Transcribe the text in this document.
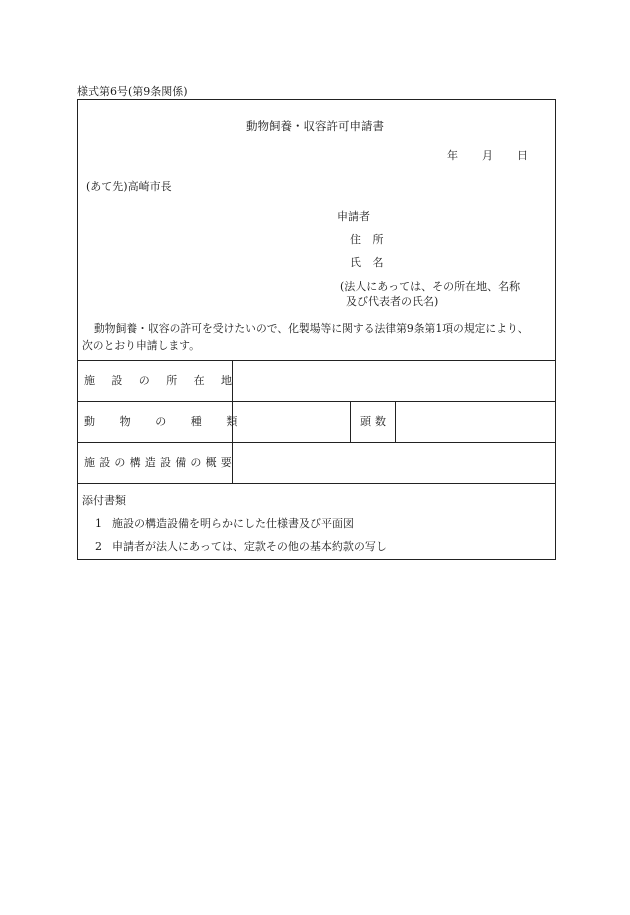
様式第6号(第9条関係)
動物飼養・収容許可申請書
年 月 日
(あて先)高崎市長
申請者
住 所
氏 名
(法人にあっては、その所在地、名称
及び代表者の氏名)
動物飼養・収容の許可を受けたいので、化製場等に関する法律第9条第1項の規定により、
次のとおり申請します。
施設の所在地
動物の種類	頭数
施設の構造設備の概要
添付書類
1 施設の構造設備を明らかにした仕様書及び平面図
2 申請者が法人にあっては、定款その他の基本約款の写し
